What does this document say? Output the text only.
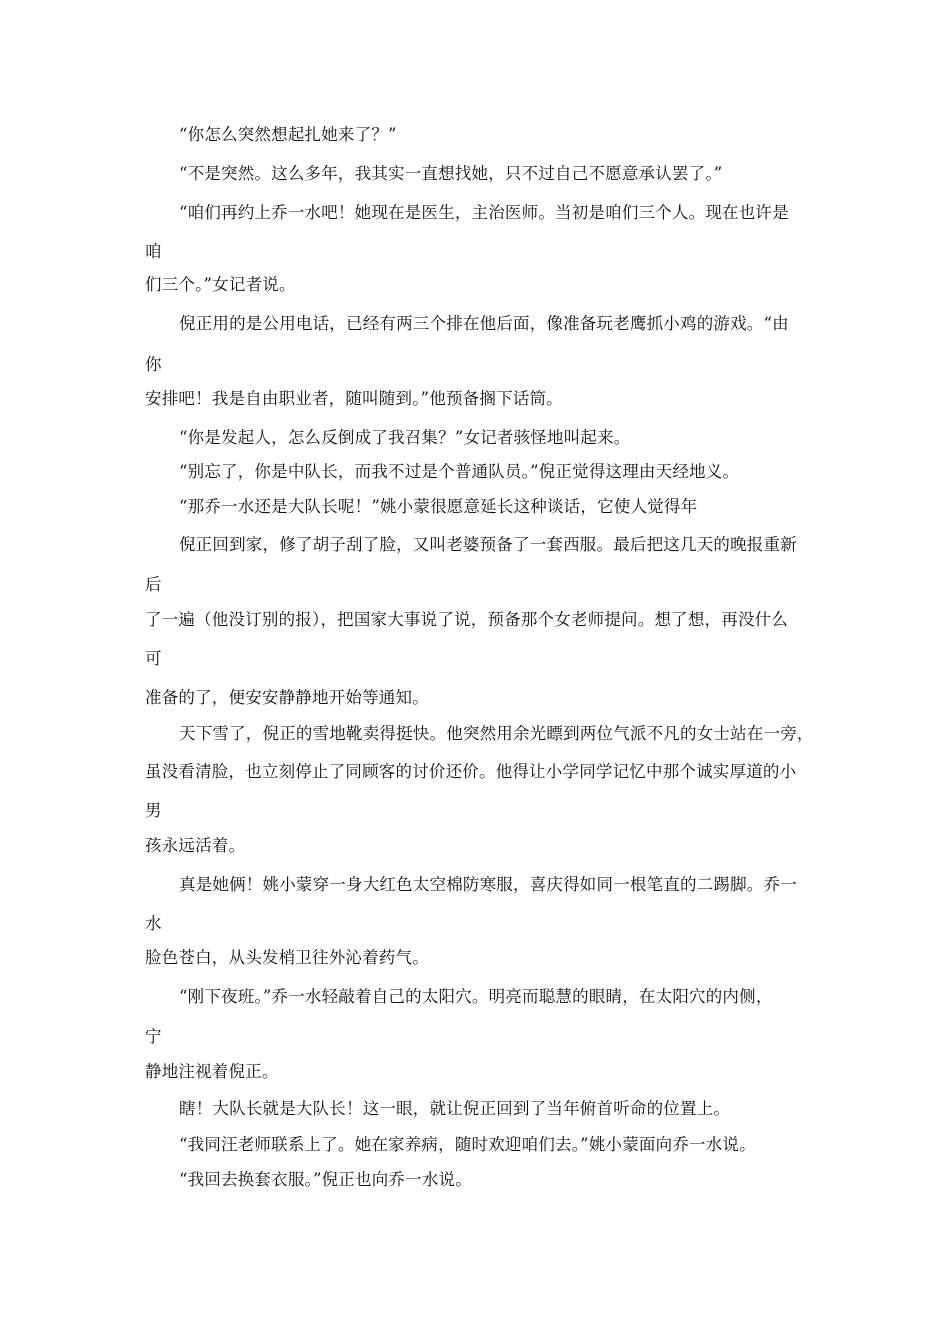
“你怎么突然想起扎她来了？”
“不是突然。这么多年，我其实一直想找她，只不过自己不愿意承认罢了。”
“咱们再约上乔一水吧！她现在是医生，主治医师。当初是咱们三个人。现在也许是
咱
们三个。”女记者说。
倪正用的是公用电话，已经有两三个排在他后面，像准备玩老鹰抓小鸡的游戏。“由
你
安排吧！我是自由职业者，随叫随到。”他预备搁下话筒。
“你是发起人，怎么反倒成了我召集？”女记者骇怪地叫起来。
“别忘了，你是中队长，而我不过是个普通队员。”倪正觉得这理由天经地义。
“那乔一水还是大队长呢！”姚小蒙很愿意延长这种谈话，它使人觉得年
倪正回到家，修了胡子刮了脸，又叫老婆预备了一套西服。最后把这几天的晚报重新
后
了一遍（他没订别的报），把国家大事说了说，预备那个女老师提问。想了想，再没什么
可
准备的了，便安安静静地开始等通知。
天下雪了，倪正的雪地靴卖得挺快。他突然用余光瞟到两位气派不凡的女士站在一旁，
虽没看清脸，也立刻停止了同顾客的讨价还价。他得让小学同学记忆中那个诚实厚道的小
男
孩永远活着。
真是她俩！姚小蒙穿一身大红色太空棉防寒服，喜庆得如同一根笔直的二踢脚。乔一
水
脸色苍白，从头发梢卫往外沁着药气。
“刚下夜班。”乔一水轻敲着自己的太阳穴。明亮而聪慧的眼睛，在太阳穴的内侧，
宁
静地注视着倪正。
瞎！大队长就是大队长！这一眼，就让倪正回到了当年俯首听命的位置上。
“我同汪老师联系上了。她在家养病，随时欢迎咱们去。”姚小蒙面向乔一水说。
“我回去换套衣服。”倪正也向乔一水说。
